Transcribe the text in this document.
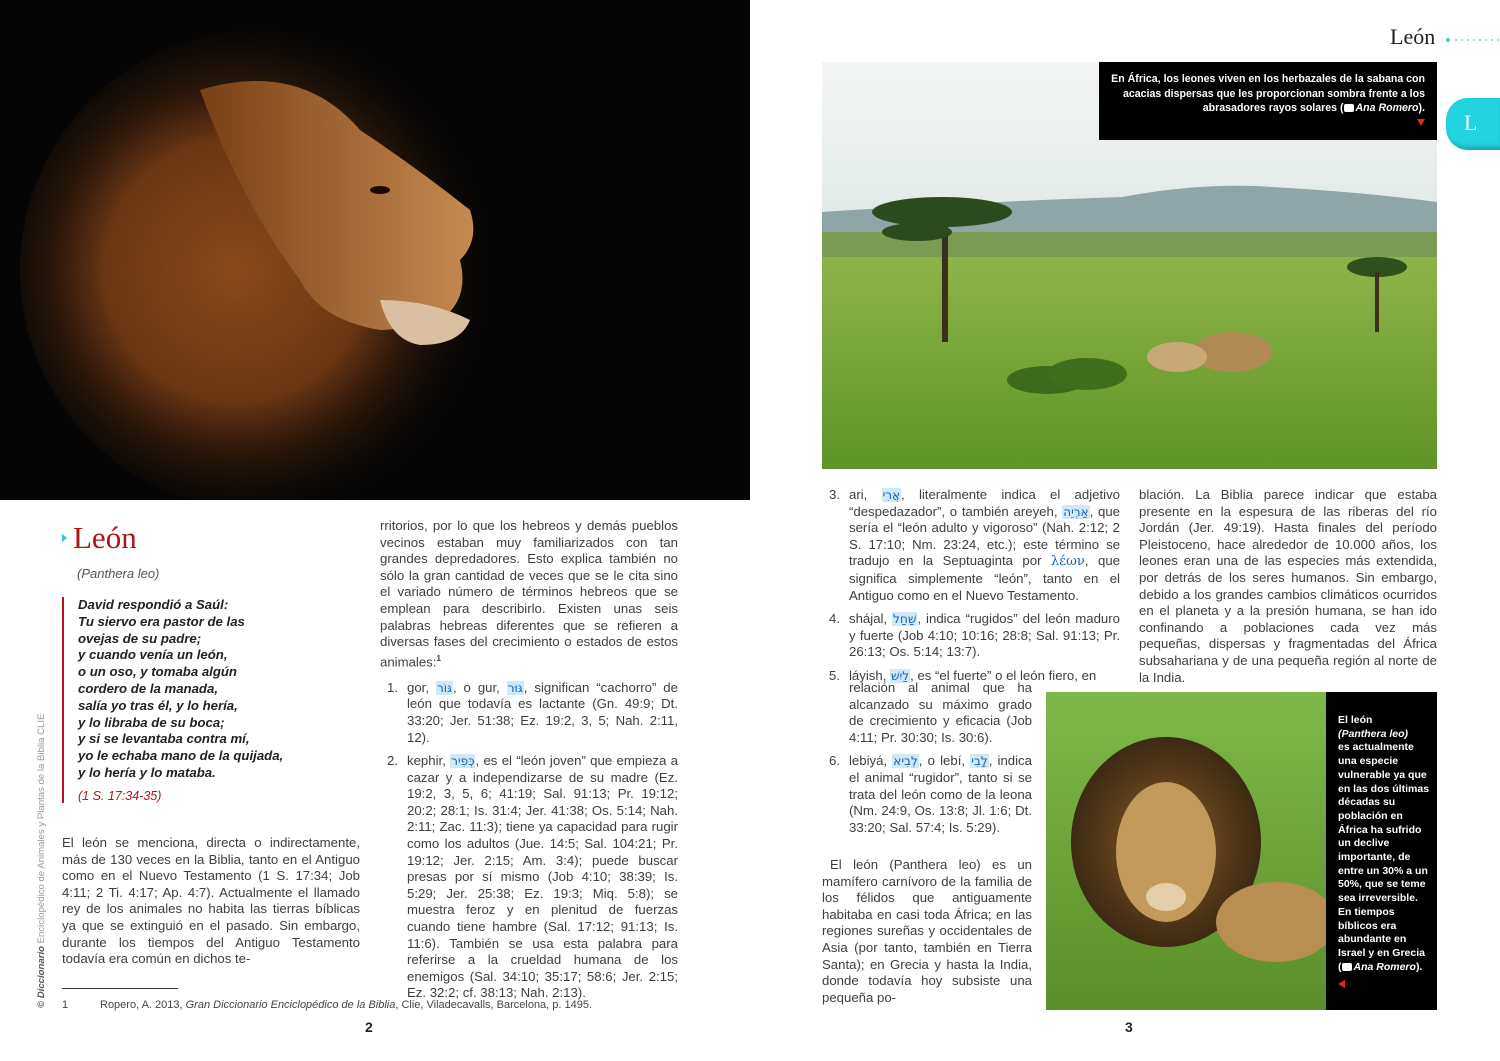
León
(Panthera leo)
David respondió a Saúl:
Tu siervo era pastor de las
ovejas de su padre;
y cuando venía un león,
o un oso, y tomaba algún
cordero de la manada,
salía yo tras él, y lo hería,
y lo libraba de su boca;
y si se levantaba contra mí,
yo le echaba mano de la quijada,
y lo hería y lo mataba.
(1 S. 17:34-35)
El león se menciona, directa o indirectamente, más de 130 veces en la Biblia, tanto en el Antiguo como en el Nuevo Testamento (1 S. 17:34; Job 4:11; 2 Ti. 4:17; Ap. 4:7). Actualmente el llamado rey de los animales no habita las tierras bíblicas ya que se extinguió en el pasado. Sin embargo, durante los tiempos del Antiguo Testamento todavía era común en dichos te-

rritorios, por lo que los hebreos y demás pueblos vecinos estaban muy familiarizados con tan grandes depredadores. Esto explica también no sólo la gran cantidad de veces que se le cita sino el variado número de términos hebreos que se emplean para describirlo. Existen unas seis palabras hebreas diferentes que se refieren a diversas fases del crecimiento o estados de estos animales:$^1$

1. gor, גּוֹר, o gur, גּוּר, significan “cachorro” de león que todavía es lactante (Gn. 49:9; Dt. 33:20; Jer. 51:38; Ez. 19:2, 3, 5; Nah. 2:11, 12).
2. kephir, כְּפִיר, es el “león joven” que empieza a cazar y a independizarse de su madre (Ez. 19:2, 3, 5, 6; 41:19; Sal. 91:13; Pr. 19:12; 20:2; 28:1; Is. 31:4; Jer. 41:38; Os. 5:14; Nah. 2:11; Zac. 11:3); tiene ya capacidad para rugir como los adultos (Jue. 14:5; Sal. 104:21; Pr. 19:12; Jer. 2:15; Am. 3:4); puede buscar presas por sí mismo (Job 4:10; 38:39; Is. 5:29; Jer. 25:38; Ez. 19:3; Miq. 5:8); se muestra feroz y en plenitud de fuerzas cuando tiene hambre (Sal. 17:12; 91:13; Is. 11:6). También se usa esta palabra para referirse a la crueldad humana de los enemigos (Sal. 34:10; 35:17; 58:6; Jer. 2:15; Ez. 32:2; cf. 38:13; Nah. 2:13).
1	Ropero, A. 2013, Gran Diccionario Enciclopédico de la Biblia, Clie, Viladecavalls, Barcelona, p. 1495.
© Diccionario Enciclopédico de Animales y Plantas de la Biblia CLIE
2
León
L
En África, los leones viven en los herbazales de la sabana con acacias dispersas que les proporcionan sombra frente a los abrasadores rayos solares ( Ana Romero).

3. ari, אֲרִי, literalmente indica el adjetivo “despedazador”, o también areyeh, אַרְיֵה, que sería el “león adulto y vigoroso” (Nah. 2:12; 2 S. 17:10; Nm. 23:24, etc.); este término se tradujo en la Septuaginta por λέων, que significa simplemente “león”, tanto en el Antiguo como en el Nuevo Testamento.
4. shájal, שַׁחַל, indica “rugidos” del león maduro y fuerte (Job 4:10; 10:16; 28:8; Sal. 91:13; Pr. 26:13; Os. 5:14; 13:7).
5. láyish, לַיִשׁ, es “el fuerte” o el león fiero, en

relación al animal que ha alcanzado su máximo grado de crecimiento y eficacia (Job 4:11; Pr. 30:30; Is. 30:6).

6. lebiyá, לְבִיא, o lebí, לָבִי, indica el animal “rugidor”, tanto si se trata del león como de la leona (Nm. 24:9, Os. 13:8; Jl. 1:6; Dt. 33:20; Sal. 57:4; Is. 5:29).
El león (Panthera leo) es un mamífero carnívoro de la familia de los félidos que antiguamente habitaba en casi toda África; en las regiones sureñas y occidentales de Asia (por tanto, también en Tierra Santa); en Grecia y hasta la India, donde todavía hoy subsiste una pequeña po-
blación. La Biblia parece indicar que estaba presente en la espesura de las riberas del río Jordán (Jer. 49:19). Hasta finales del período Pleistoceno, hace alrededor de 10.000 años, los leones eran una de las especies más extendida, por detrás de los seres humanos. Sin embargo, debido a los grandes cambios climáticos ocurridos en el planeta y a la presión humana, se han ido confinando a poblaciones cada vez más pequeñas, dispersas y fragmentadas del África subsahariana y de una pequeña región al norte de la India.
El león
(Panthera leo)
es actualmente una especie vulnerable ya que en las dos últimas décadas su población en África ha sufrido un declive importante, de entre un 30% a un 50%, que se teme sea irreversible. En tiempos bíblicos era abundante en Israel y en Grecia ( Ana Romero).

3
